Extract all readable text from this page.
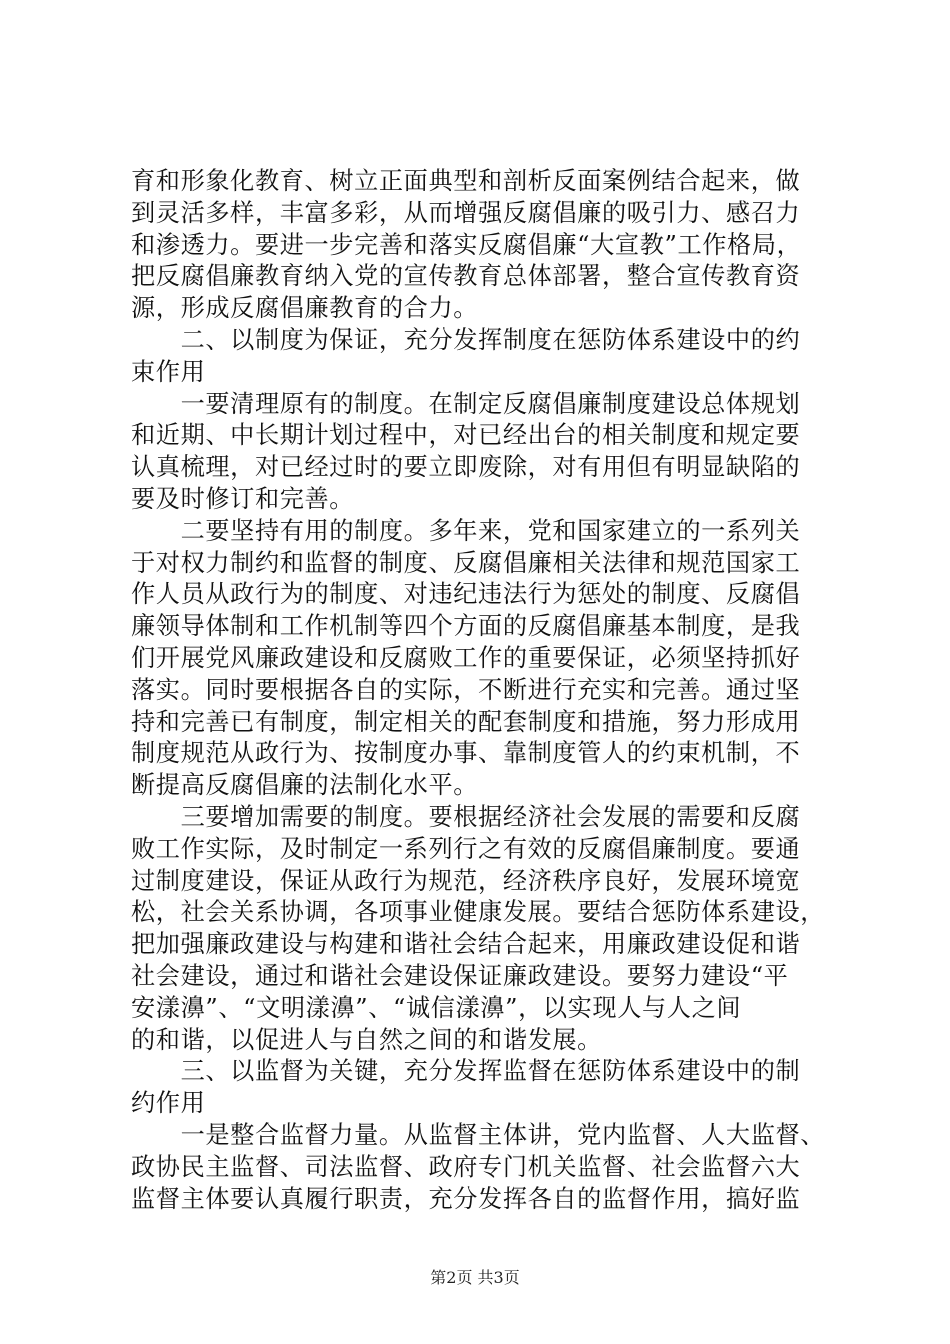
育和形象化教育、树立正面典型和剖析反面案例结合起来，做
到灵活多样，丰富多彩，从而增强反腐倡廉的吸引力、感召力
和渗透力。要进一步完善和落实反腐倡廉“大宣教”工作格局，
把反腐倡廉教育纳入党的宣传教育总体部署，整合宣传教育资
源，形成反腐倡廉教育的合力。
　　二、以制度为保证，充分发挥制度在惩防体系建设中的约
束作用
　　一要清理原有的制度。在制定反腐倡廉制度建设总体规划
和近期、中长期计划过程中，对已经出台的相关制度和规定要
认真梳理，对已经过时的要立即废除，对有用但有明显缺陷的
要及时修订和完善。
　　二要坚持有用的制度。多年来，党和国家建立的一系列关
于对权力制约和监督的制度、反腐倡廉相关法律和规范国家工
作人员从政行为的制度、对违纪违法行为惩处的制度、反腐倡
廉领导体制和工作机制等四个方面的反腐倡廉基本制度，是我
们开展党风廉政建设和反腐败工作的重要保证，必须坚持抓好
落实。同时要根据各自的实际，不断进行充实和完善。通过坚
持和完善已有制度，制定相关的配套制度和措施，努力形成用
制度规范从政行为、按制度办事、靠制度管人的约束机制，不
断提高反腐倡廉的法制化水平。
　　三要增加需要的制度。要根据经济社会发展的需要和反腐
败工作实际，及时制定一系列行之有效的反腐倡廉制度。要通
过制度建设，保证从政行为规范，经济秩序良好，发展环境宽
松，社会关系协调，各项事业健康发展。要结合惩防体系建设，
把加强廉政建设与构建和谐社会结合起来，用廉政建设促和谐
社会建设，通过和谐社会建设保证廉政建设。要努力建设“平
安漾濞”、“文明漾濞”、“诚信漾濞”，以实现人与人之间
的和谐，以促进人与自然之间的和谐发展。
　　三、以监督为关键，充分发挥监督在惩防体系建设中的制
约作用
　　一是整合监督力量。从监督主体讲，党内监督、人大监督、
政协民主监督、司法监督、政府专门机关监督、社会监督六大
监督主体要认真履行职责，充分发挥各自的监督作用，搞好监
第2页 共3页
